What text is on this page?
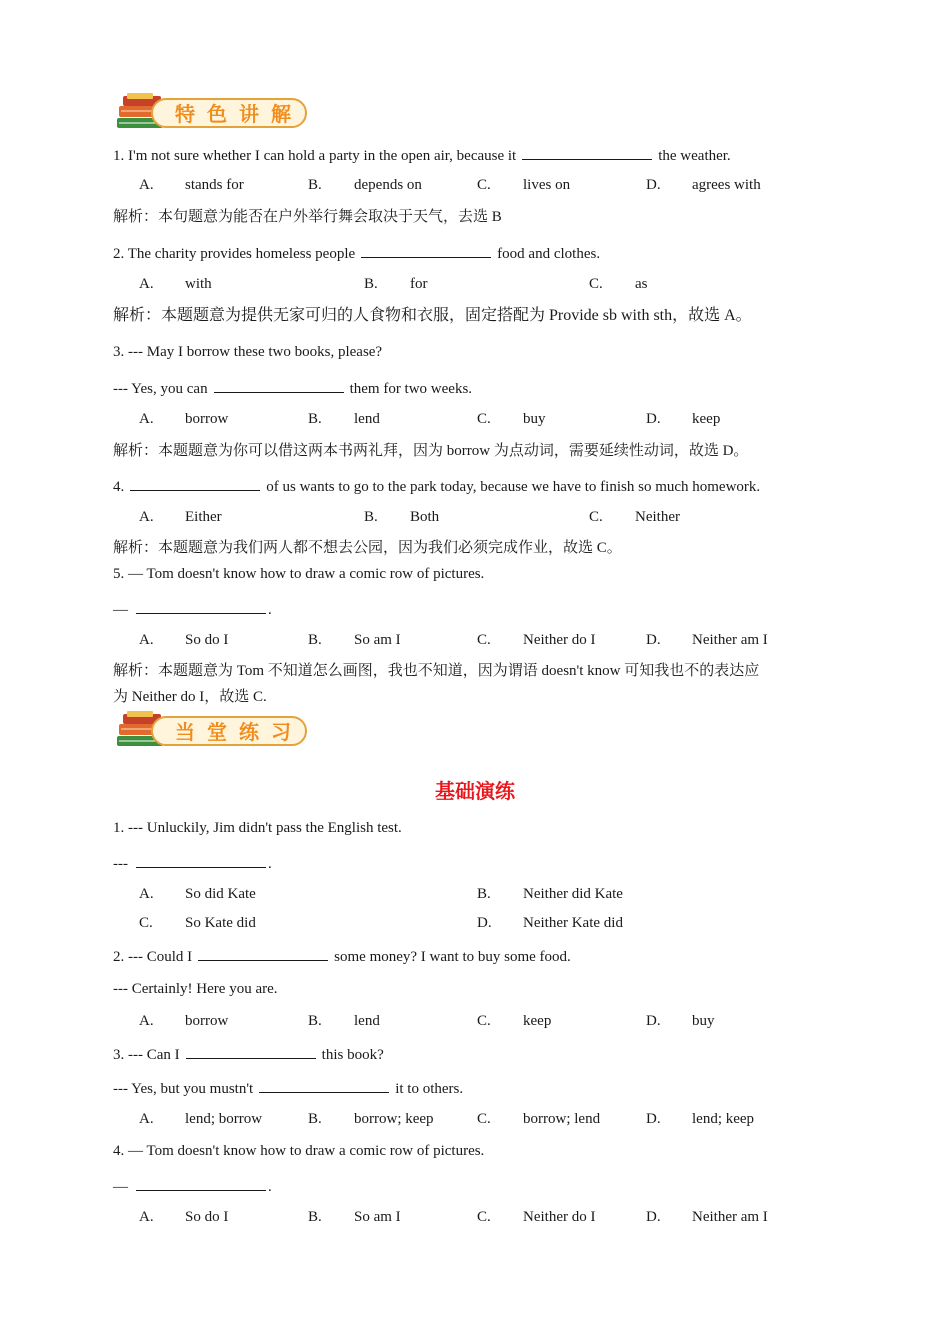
特色讲解
1. I'm not sure whether I can hold a party in the open air, because it	the weather.
A. stands for	B. depends on	C. lives on	D. agrees with
解析：本句题意为能否在户外举行舞会取决于天气，去选 B
2. The charity provides homeless people	food and clothes.
A. with	B. for	C. as
解析：本题题意为提供无家可归的人食物和衣服，固定搭配为 Provide sb with sth，故选 A。
3. --- May I borrow these two books, please?
--- Yes, you can	them for two weeks.
A. borrow	B. lend	C. buy	D. keep
解析：本题题意为你可以借这两本书两礼拜，因为 borrow 为点动词，需要延续性动词，故选 D。
4.	of us wants to go to the park today, because we have to finish so much homework.
A. Either	B. Both	C. Neither
解析：本题题意为我们两人都不想去公园，因为我们必须完成作业，故选 C。
5. — Tom doesn't know how to draw a comic row of pictures.
—	.
A. So do I	B. So am I	C. Neither do I	D. Neither am I
解析：本题题意为 Tom 不知道怎么画图，我也不知道，因为谓语 doesn't know 可知我也不的表达应
为 Neither do I，故选 C.
当堂练习
基础演练
1. --- Unluckily, Jim didn't pass the English test.
---	.
A. So did Kate	B. Neither did Kate
C. So Kate did	D. Neither Kate did
2. --- Could I	some money? I want to buy some food.
--- Certainly! Here you are.
A. borrow	B. lend	C. keep	D. buy
3. --- Can I	this book?
--- Yes, but you mustn't	it to others.
A. lend; borrow	B. borrow; keep	C. borrow; lend	D. lend; keep
4. — Tom doesn't know how to draw a comic row of pictures.
—	.
A. So do I	B. So am I	C. Neither do I	D. Neither am I
